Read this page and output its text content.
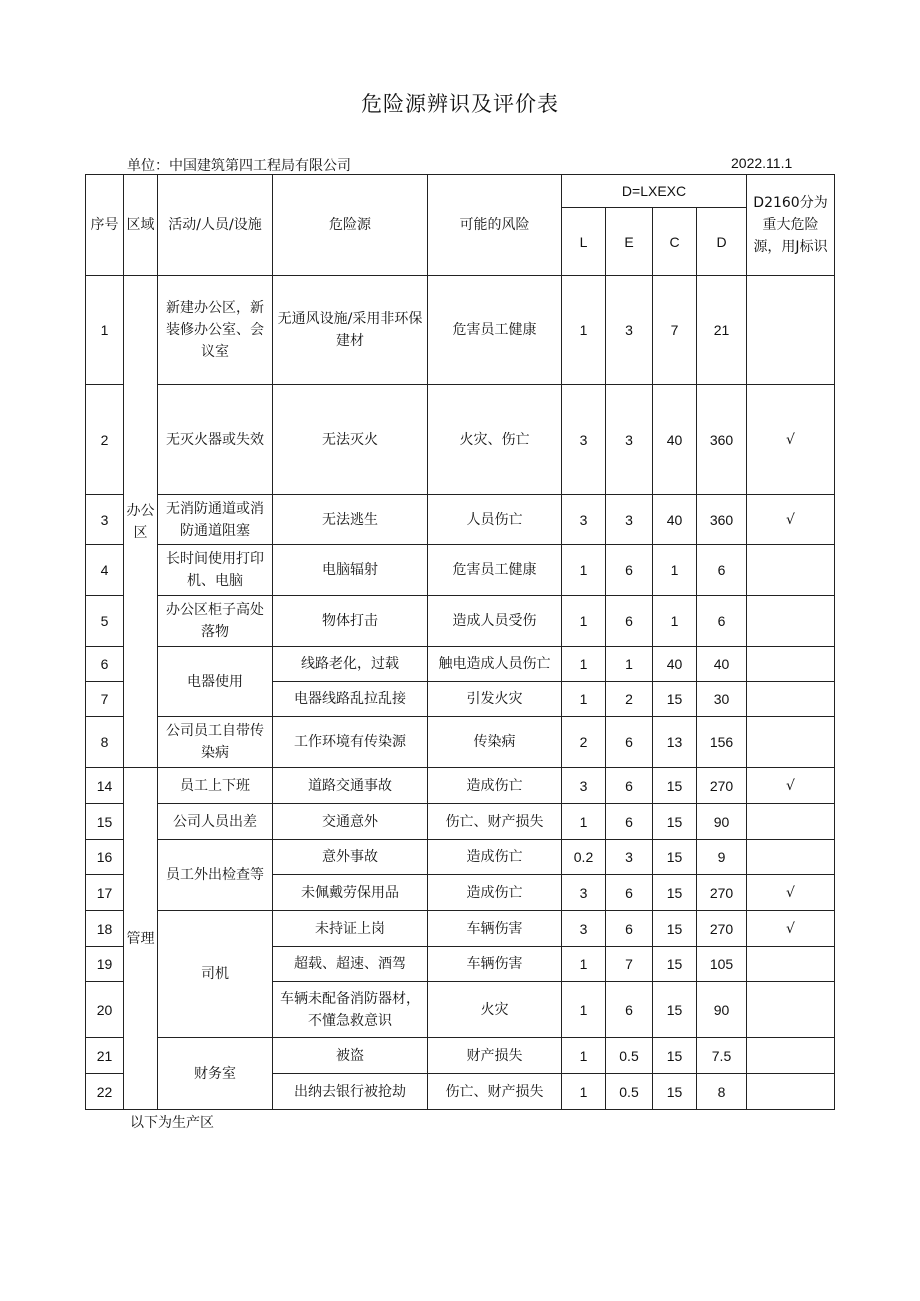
危险源辨识及评价表
单位：中国建筑第四工程局有限公司	2022.11.1
序号	区域	活动/人员/设施	危险源	可能的风险	D=LXEXC				D2160分为重大危险源，用J标识
					L	E	C	D	
1	办公区	新建办公区，新装修办公室、会议室	无通风设施/采用非环保建材	危害员工健康	1	3	7	21	
2		无灭火器或失效	无法灭火	火灾、伤亡	3	3	40	360	√
3		无消防通道或消防通道阻塞	无法逃生	人员伤亡	3	3	40	360	√
4		长时间使用打印机、电脑	电脑辐射	危害员工健康	1	6	1	6	
5		办公区柜子高处落物	物体打击	造成人员受伤	1	6	1	6	
6		电器使用	线路老化，过载	触电造成人员伤亡	1	1	40	40	
7			电器线路乱拉乱接	引发火灾	1	2	15	30	
8		公司员工自带传染病	工作环境有传染源	传染病	2	6	13	156	
14	管理	员工上下班	道路交通事故	造成伤亡	3	6	15	270	√
15		公司人员出差	交通意外	伤亡、财产损失	1	6	15	90	
16		员工外出检查等	意外事故	造成伤亡	0.2	3	15	9	
17			未佩戴劳保用品	造成伤亡	3	6	15	270	√
18		司机	未持证上岗	车辆伤害	3	6	15	270	√
19			超载、超速、酒驾	车辆伤害	1	7	15	105	
20			车辆未配备消防器材，不懂急救意识	火灾	1	6	15	90	
21		财务室	被盗	财产损失	1	0.5	15	7.5	
22			出纳去银行被抢劫	伤亡、财产损失	1	0.5	15	8	
以下为生产区
